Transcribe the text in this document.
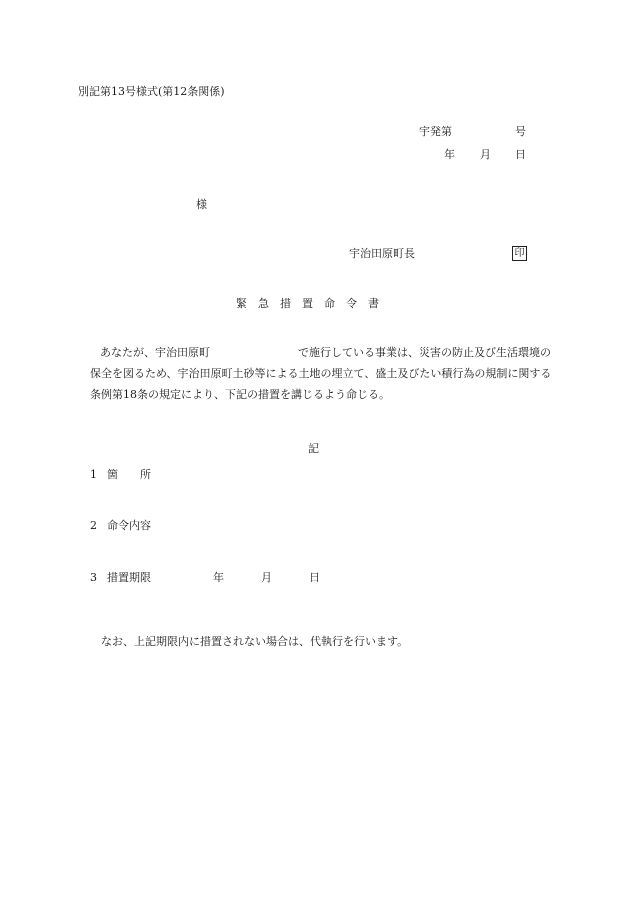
別記第13号様式(第12条関係)
宇発第	号
年 月 日
様
宇治田原町長	印
緊 急 措 置 命 令 書
あなたが、宇治田原町	で施行している事業は、災害の防止及び生活環境の保全を図るため、宇治田原町土砂等による土地の埋立て、盛土及びたい積行為の規制に関する条例第18条の規定により、下記の措置を講じるよう命じる。
記
1 箇　　所
2 命令内容
3 措置期限	年	月	日
なお、上記期限内に措置されない場合は、代執行を行います。
